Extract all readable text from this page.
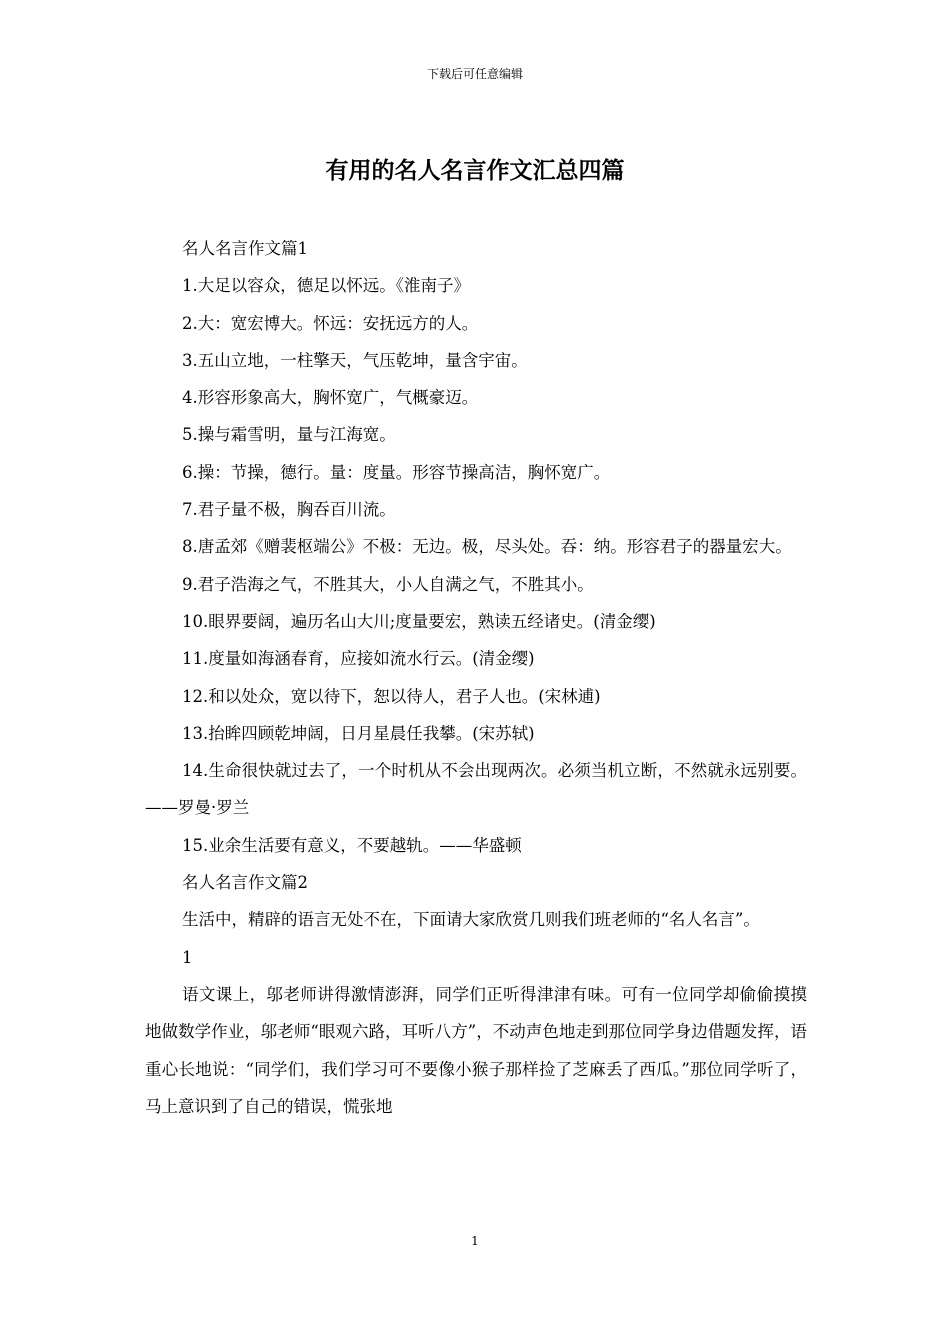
下载后可任意编辑
有用的名人名言作文汇总四篇

名人名言作文篇1

1.大足以容众，德足以怀远。《淮南子》

2.大：宽宏博大。怀远：安抚远方的人。

3.五山立地，一柱擎天，气压乾坤，量含宇宙。

4.形容形象高大，胸怀宽广，气概豪迈。

5.操与霜雪明，量与江海宽。

6.操：节操，德行。量：度量。形容节操高洁，胸怀宽广。

7.君子量不极，胸吞百川流。

8.唐孟郊《赠裴枢端公》不极：无边。极，尽头处。吞：纳。形容君子的器量宏大。

9.君子浩海之气，不胜其大，小人自满之气，不胜其小。

10.眼界要阔，遍历名山大川;度量要宏，熟读五经诸史。(清金缨)

11.度量如海涵春育，应接如流水行云。(清金缨)

12.和以处众，宽以待下，恕以待人，君子人也。(宋林逋)

13.抬眸四顾乾坤阔，日月星晨任我攀。(宋苏轼)

14.生命很快就过去了，一个时机从不会出现两次。必须当机立断，不然就永远别要。——罗曼·罗兰

15.业余生活要有意义，不要越轨。——华盛顿

名人名言作文篇2

生活中，精辟的语言无处不在，下面请大家欣赏几则我们班老师的“名人名言”。

1

语文课上，邬老师讲得激情澎湃，同学们正听得津津有味。可有一位同学却偷偷摸摸地做数学作业，邬老师“眼观六路，耳听八方”，不动声色地走到那位同学身边借题发挥，语重心长地说：“同学们，我们学习可不要像小猴子那样捡了芝麻丢了西瓜。”那位同学听了，马上意识到了自己的错误，慌张地

1
